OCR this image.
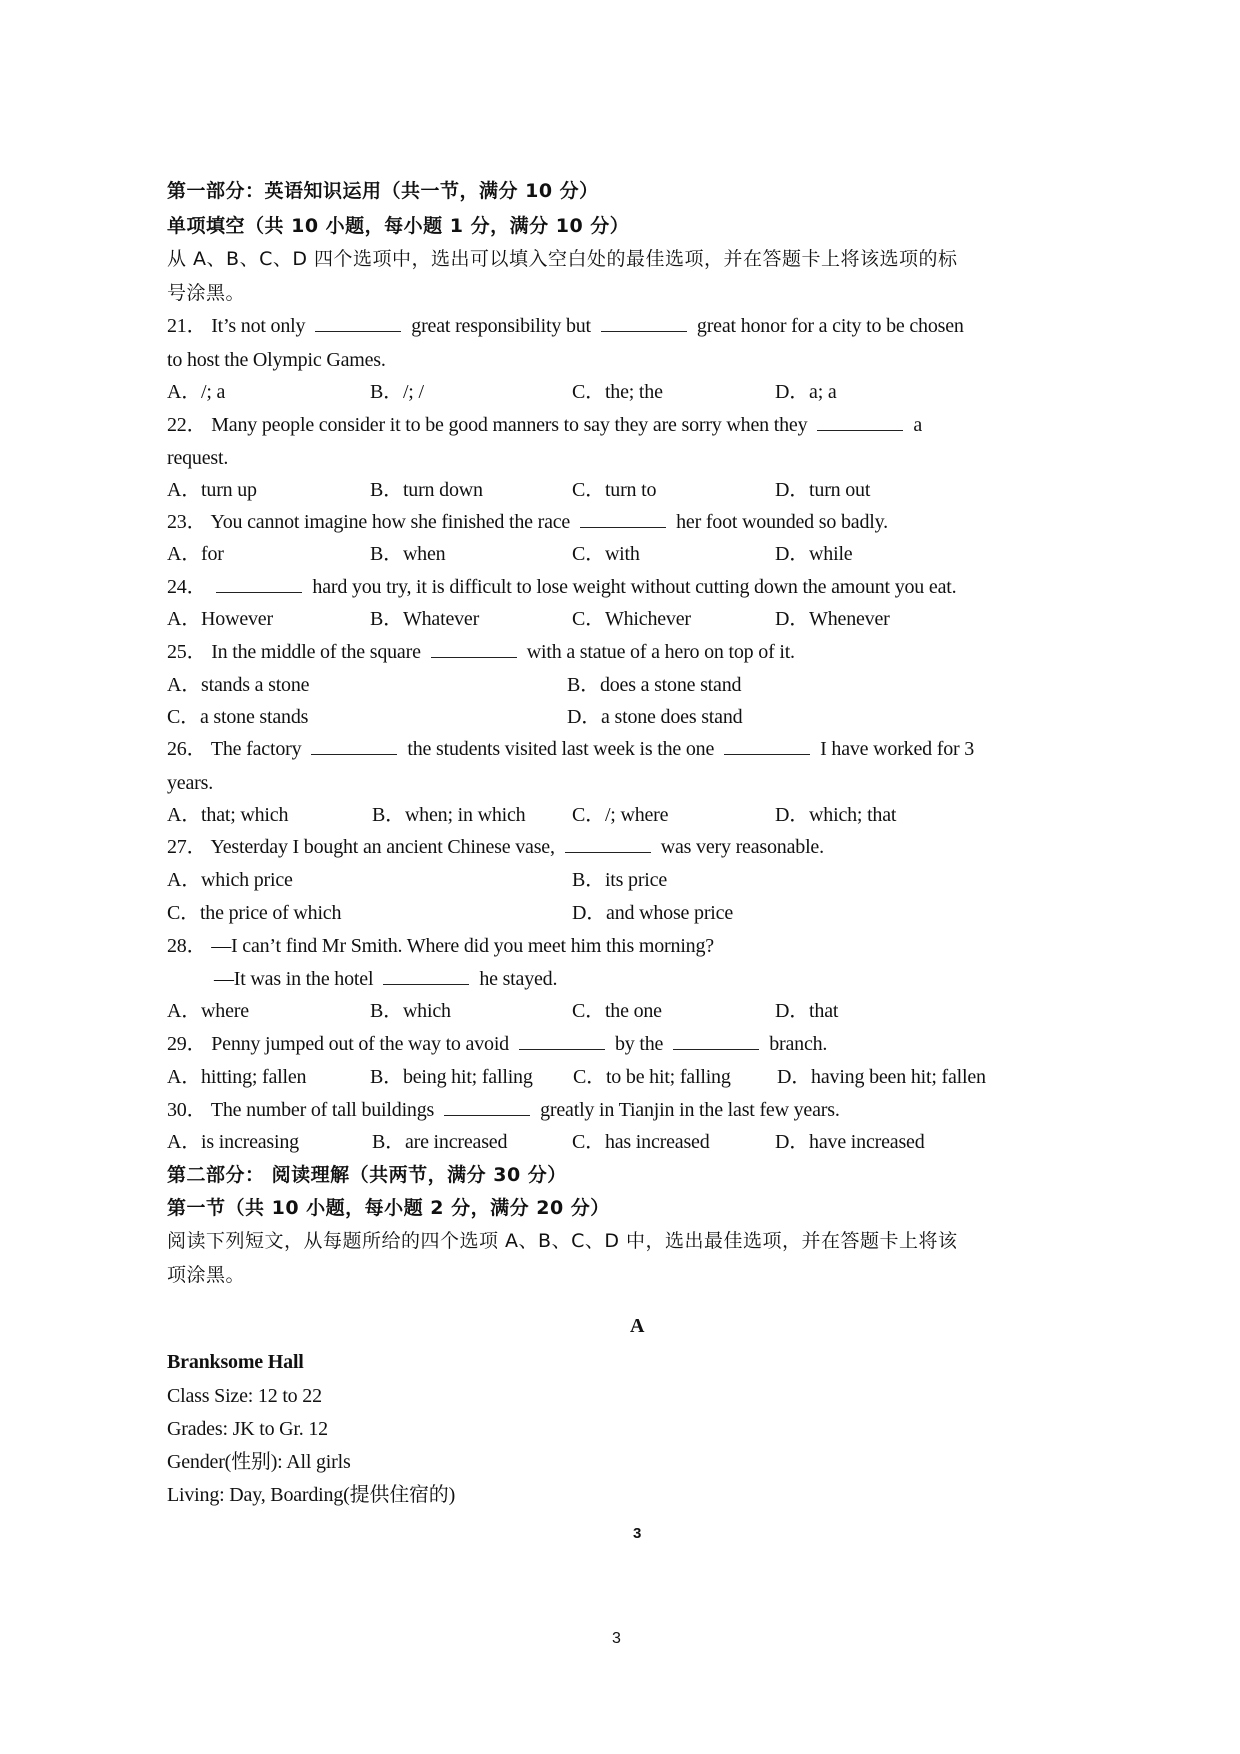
第一部分：英语知识运用（共一节，满分 10 分）
单项填空（共 10 小题，每小题 1 分，满分 10 分）
从 A、B、C、D 四个选项中，选出可以填入空白处的最佳选项，并在答题卡上将该选项的标
号涂黑。
21． It’s not only	great responsibility but	great honor for a city to be chosen
to host the Olympic Games.
A．/; a	B．/; /	C．the; the	D．a; a
22． Many people consider it to be good manners to say they are sorry when they	a
request.
A．turn up	B．turn down	C．turn to	D．turn out
23． You cannot imagine how she finished the race	her foot wounded so badly.
A．for	B．when	C．with	D．while
24．	hard you try, it is difficult to lose weight without cutting down the amount you eat.
A．However	B．Whatever	C．Whichever	D．Whenever
25． In the middle of the square	with a statue of a hero on top of it.
A．stands a stone	B．does a stone stand
C．a stone stands	D．a stone does stand
26． The factory	the students visited last week is the one	I have worked for 3
years.
A．that; which	B．when; in which C．/; where	D．which; that
27． Yesterday I bought an ancient Chinese vase,	was very reasonable.
A．which price	B．its price
C．the price of which	D．and whose price
28． —I can’t find Mr Smith. Where did you meet him this morning?
—It was in the hotel	he stayed.
A．where	B．which	C．the one	D．that
29． Penny jumped out of the way to avoid	by the	branch.
A．hitting; fallen	B．being hit; falling C．to be hit; falling D．having been hit; fallen
30． The number of tall buildings	greatly in Tianjin in the last few years.
A．is increasing	B．are increased	C．has increased	D．have increased
第二部分： 阅读理解（共两节，满分 30 分）
第一节（共 10 小题，每小题 2 分，满分 20 分）
阅读下列短文，从每题所给的四个选项 A、B、C、D 中，选出最佳选项，并在答题卡上将该
项涂黑。
A
Branksome Hall
Class Size: 12 to 22
Grades: JK to Gr. 12
Gender(性别): All girls
Living: Day, Boarding(提供住宿的)
3
3
